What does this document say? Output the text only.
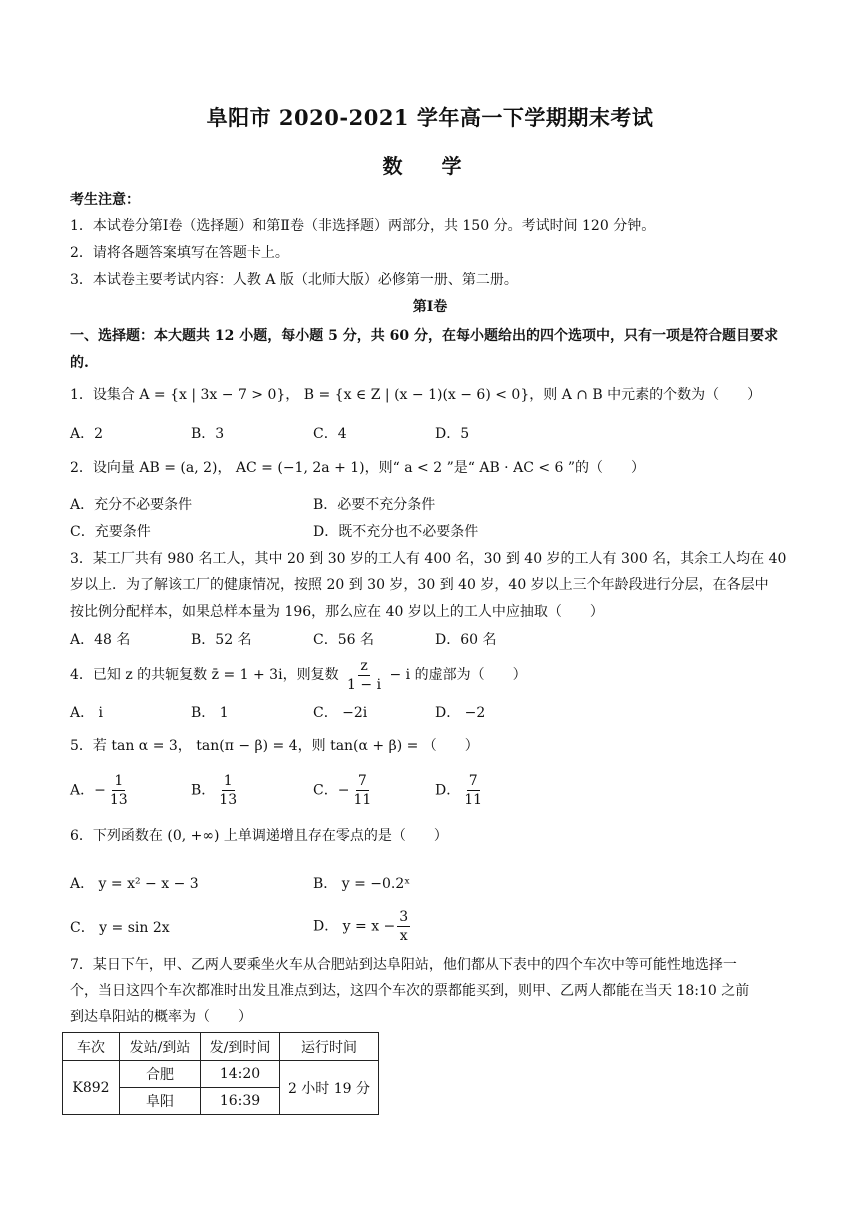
阜阳市 2020-2021 学年高一下学期期末考试
数 学
考生注意：
1．本试卷分第Ⅰ卷（选择题）和第Ⅱ卷（非选择题）两部分，共 150 分。考试时间 120 分钟。
2．请将各题答案填写在答题卡上。
3．本试卷主要考试内容：人教 A 版（北师大版）必修第一册、第二册。
第Ⅰ卷
一、选择题：本大题共 12 小题，每小题 5 分，共 60 分，在每小题给出的四个选项中，只有一项是符合题目要求的.
1．设集合 A = {x | 3x − 7 > 0}， B = {x ∈ Z | (x − 1)(x − 6) < 0}，则 A ∩ B 中元素的个数为（　　）
A．2	B．3	C．4	D．5
2．设向量 AB = (a, 2)， AC = (−1, 2a + 1)，则“ a < 2 ”是“ AB · AC < 6 ”的（　　）
A．充分不必要条件	B．必要不充分条件
C．充要条件	D．既不充分也不必要条件
3．某工厂共有 980 名工人，其中 20 到 30 岁的工人有 400 名，30 到 40 岁的工人有 300 名，其余工人均在 40
岁以上．为了解该工厂的健康情况，按照 20 到 30 岁，30 到 40 岁，40 岁以上三个年龄段进行分层，在各层中
按比例分配样本，如果总样本量为 196，那么应在 40 岁以上的工人中应抽取（　　）
A．48 名	B．52 名	C．56 名	D．60 名
4．已知 z 的共轭复数 z̄ = 1 + 3i，则复数 $\frac{z}{1 - i} - i$ 的虚部为（　　）
A． i	B． 1	C． −2i	D． −2
5．若 tan α = 3， tan(π − β) = 4，则 tan(α + β) = （　　）
A．− $\frac{1}{13}$	B． $\frac{1}{13}$	C．− $\frac{7}{11}$	D． $\frac{7}{11}$
6．下列函数在 (0, +∞) 上单调递增且存在零点的是（　　）
A． y = x² − x − 3	B． y = −0.2ˣ
C． y = sin 2x	D． $y = x - \frac{3}{x}$
7．某日下午，甲、乙两人要乘坐火车从合肥站到达阜阳站，他们都从下表中的四个车次中等可能性地选择一
个，当日这四个车次都准时出发且准点到达，这四个车次的票都能买到，则甲、乙两人都能在当天 18:10 之前
到达阜阳站的概率为（　　）
车次	发站/到站	发/到时间	运行时间
K892	合肥	14:20	2 小时 19 分
	阜阳	16:39	
